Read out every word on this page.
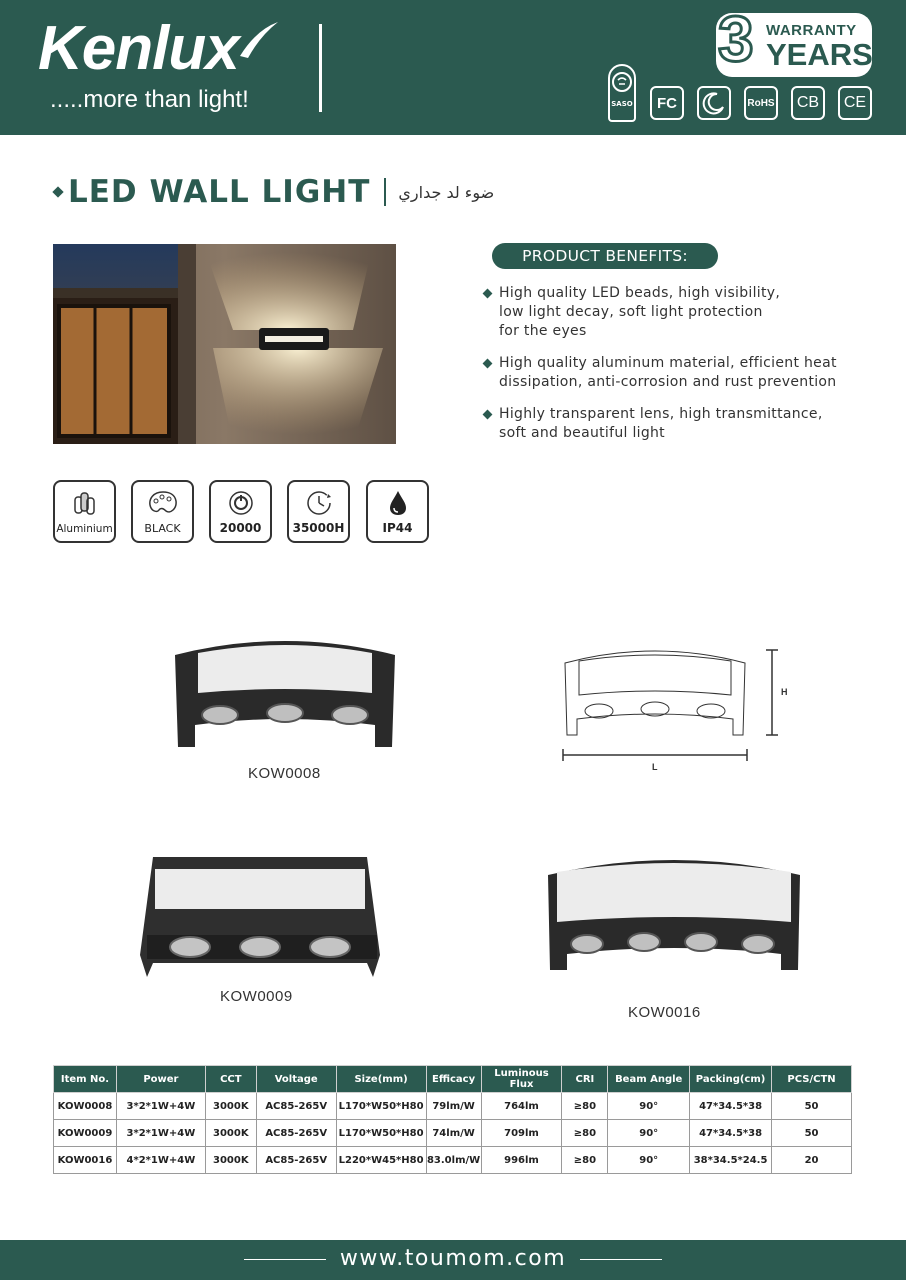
Kenlux
.....more than light!
3 WARRANTY
YEARS
SASO	FC	RoHS	CB	CE
LED WALL LIGHT ضوء لد جداري
PRODUCT BENEFITS:
High quality LED beads, high visibility,
low light decay, soft light protection
for the eyes
High quality aluminum material, efficient heat
dissipation, anti-corrosion and rust prevention
Highly transparent lens, high transmittance,
soft and beautiful light
Aluminium	BLACK	20000	35000H	IP44
KOW0008
H
L
KOW0009
KOW0016
Item No.	Power	CCT	Voltage	Size(mm)	Efficacy	Luminous Flux	CRI	Beam Angle	Packing(cm)	PCS/CTN
KOW0008	3*2*1W+4W	3000K	AC85-265V	L170*W50*H80	79lm/W	764lm	≥80	90°	47*34.5*38	50
KOW0009	3*2*1W+4W	3000K	AC85-265V	L170*W50*H80	74lm/W	709lm	≥80	90°	47*34.5*38	50
KOW0016	4*2*1W+4W	3000K	AC85-265V	L220*W45*H80	83.0lm/W	996lm	≥80	90°	38*34.5*24.5	20
www.toumom.com
